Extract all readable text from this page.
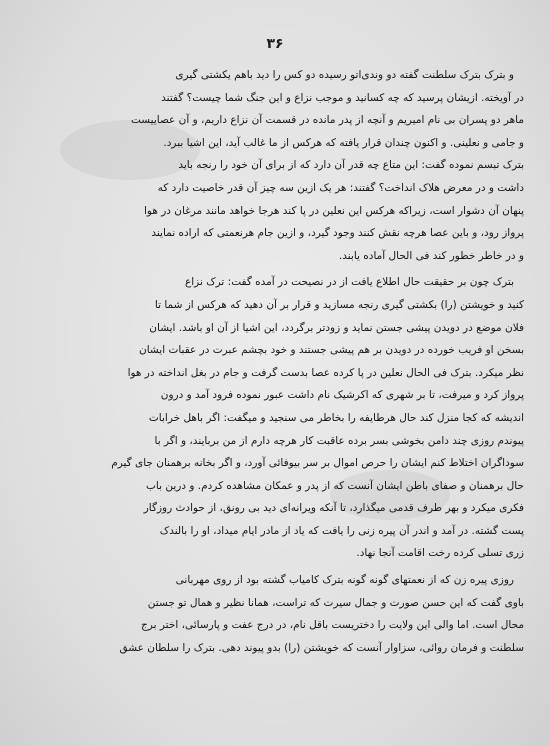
۳۶
و بترک بترک سلطنت گفته دو وندی‌اتو رسیده دو کس را دید باهم یکشتی گیری
در آویخته. ازیشان پرسید که چه کسانید و موجب نزاع و این جنگ شما چیست؟ گفتند
ماهر دو پسران بی نام امیریم و آنچه از پدر مانده در قسمت آن نزاع داریم، و آن عصاییست
و جامی و نعلینی. و اکنون چندان قرار یافته که هرکس از ما غالب آید، این اشیا ببرد.
بترک تبسم نموده گفت: این متاع چه قدر آن دارد که از برای آن خود را رنجه باید
داشت و در معرض هلاک انداخت؟ گفتند: هر یک ازین سه چیز آن قدر خاصیت دارد که
پنهان آن دشوار است، زیراکه هرکس این نعلین در پا کند هرجا خواهد مانند مرغان در هوا
پرواز رود، و باین عصا هرچه نقش کنند وجود گیرد، و ازین جام هرنعمتی که اراده نمایند
و در خاطر خطور کند فی الحال آماده یابند.
بترک چون بر حقیقت حال اطلاع یافت از در نصیحت در آمده گفت: ترک نزاع
کنید و خویشتن (را) بکشتی گیری رنجه مسازید و قرار بر آن دهید که هرکس از شما تا
فلان موضع در دویدن پیشی جستن نماید و زودتر برگردد، این اشیا از آن او باشد. ایشان
بسخن او فریب خورده در دویدن بر هم پیشی جستند و خود بچشم عبرت در عقبات ایشان
نظر میکرد. بترک فی الحال نعلین در پا کرده عصا بدست گرفت و جام در بغل انداخته در هوا
پرواز کرد و میرفت، تا بر شهری که اکرشیک نام داشت عبور نموده فرود آمد و درون
اندیشه که کجا منزل کند حال هرطایفه را بخاطر می سنجید و میگفت: اگر باهل خرابات
پیوندم روزی چند دامن بخوشی بسر برده عاقبت کار هرچه دارم از من بربایند، و اگر با
سوداگران اختلاط کنم ایشان را حرص اموال بر سر بیوفائی آورد، و اگر بخانه برهمنان جای گیرم
حال برهمنان و صفای باطن ایشان آنست که از پدر و عمکان مشاهده کردم. و درین باب
فکری میکرد و بهر طرف قدمی میگذارد، تا آنکه ویرانه‌ای دید بی رونق، از حوادث روزگار
پست گشته. در آمد و اندر آن پیره زنی را یافت که یاد از مادر ایام میداد، او را بالندک
زری تسلی کرده رخت اقامت آنجا نهاد.
روزی پیره زن که از نعمتهای گونه گونه بترک کامیاب گشته بود از روی مهربانی
باوی گفت که این حسن صورت و جمال سیرت که تراست، همانا نظیر و همال تو جستن
محال است. اما والی این ولایت را دختریست باقل نام، در درج عفت و پارسائی، اختر برج
سلطنت و فرمان روائی، سزاوار آنست که خویشتن (را) بدو پیوند دهی. بترک را سلطان عشق
